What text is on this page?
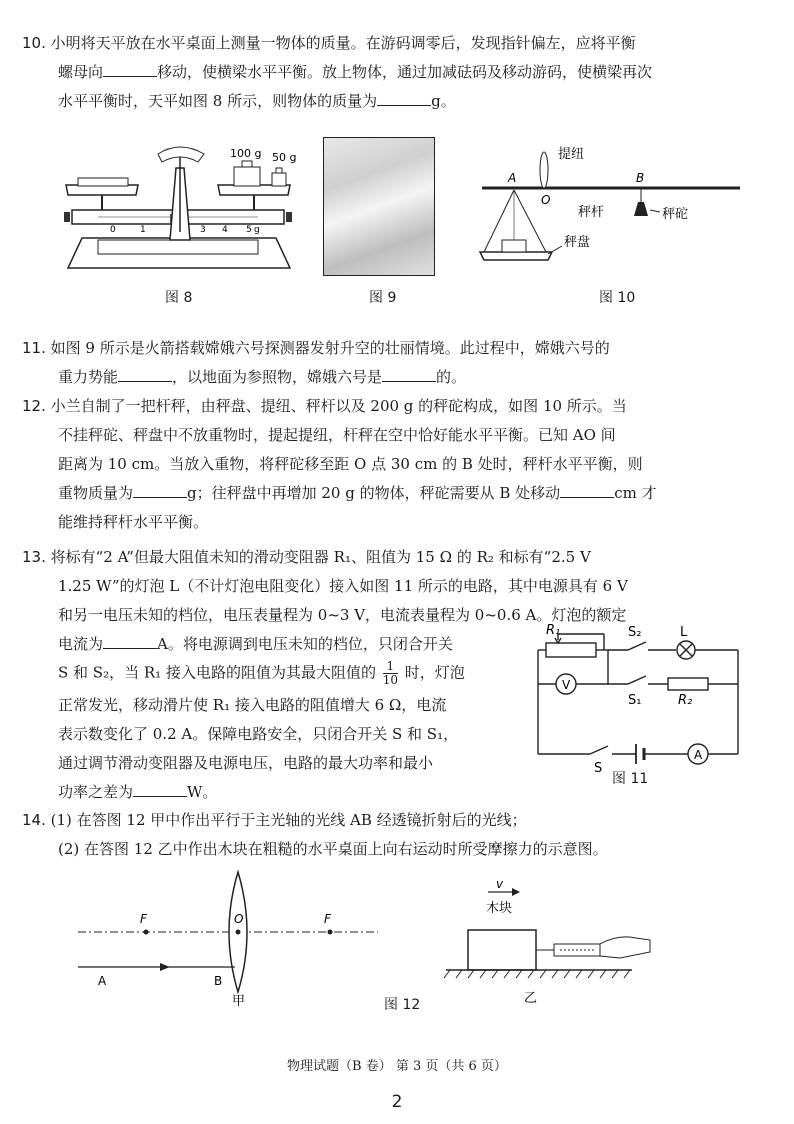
10. 小明将天平放在水平桌面上测量一物体的质量。在游码调零后，发现指针偏左，应将平衡
螺母向	移动，使横梁水平平衡。放上物体，通过加减砝码及移动游码，使横梁再次
水平平衡时，天平如图 8 所示，则物体的质量为	g。
100 g 50 g
0	1	3 4 5 g
图 8	图 9
提纽
A
O
B
秤杆	秤砣
秤盘
图 10
11. 如图 9 所示是火箭搭载嫦娥六号探测器发射升空的壮丽情境。此过程中，嫦娥六号的
重力势能	，以地面为参照物，嫦娥六号是	的。
12. 小兰自制了一把杆秤，由秤盘、提纽、秤杆以及 200 g 的秤砣构成，如图 10 所示。当
不挂秤砣、秤盘中不放重物时，提起提纽，杆秤在空中恰好能水平平衡。已知 AO 间
距离为 10 cm。当放入重物，将秤砣移至距 O 点 30 cm 的 B 处时，秤杆水平平衡，则
重物质量为	g；往秤盘中再增加 20 g 的物体，秤砣需要从 B 处移动	cm 才
能维持秤杆水平平衡。
13. 将标有“2 A”但最大阻值未知的滑动变阻器 R₁、阻值为 15 Ω 的 R₂ 和标有“2.5 V
1.25 W”的灯泡 L（不计灯泡电阻变化）接入如图 11 所示的电路，其中电源具有 6 V
和另一电压未知的档位，电压表量程为 0~3 V，电流表量程为 0~0.6 A。灯泡的额定
电流为	A。将电源调到电压未知的档位，只闭合开关
S 和 S₂，当 R₁ 接入电路的阻值为其最大阻值的 $\frac{1}{10}$ 时，灯泡
正常发光，移动滑片使 R₁ 接入电路的阻值增大 6 Ω，电流
表示数变化了 0.2 A。保障电路安全，只闭合开关 S 和 S₁，
通过调节滑动变阻器及电源电压，电路的最大功率和最小
功率之差为	W。
R₁	S₂	L
V
S₁	R₂
A
S
图 11
14. (1) 在答图 12 甲中作出平行于主光轴的光线 AB 经透镜折射后的光线；
(2) 在答图 12 乙中作出木块在粗糙的水平桌面上向右运动时所受摩擦力的示意图。
F	O	F
A	B
甲
v
木块
乙
图 12
物理试题（B 卷） 第 3 页（共 6 页）
2
